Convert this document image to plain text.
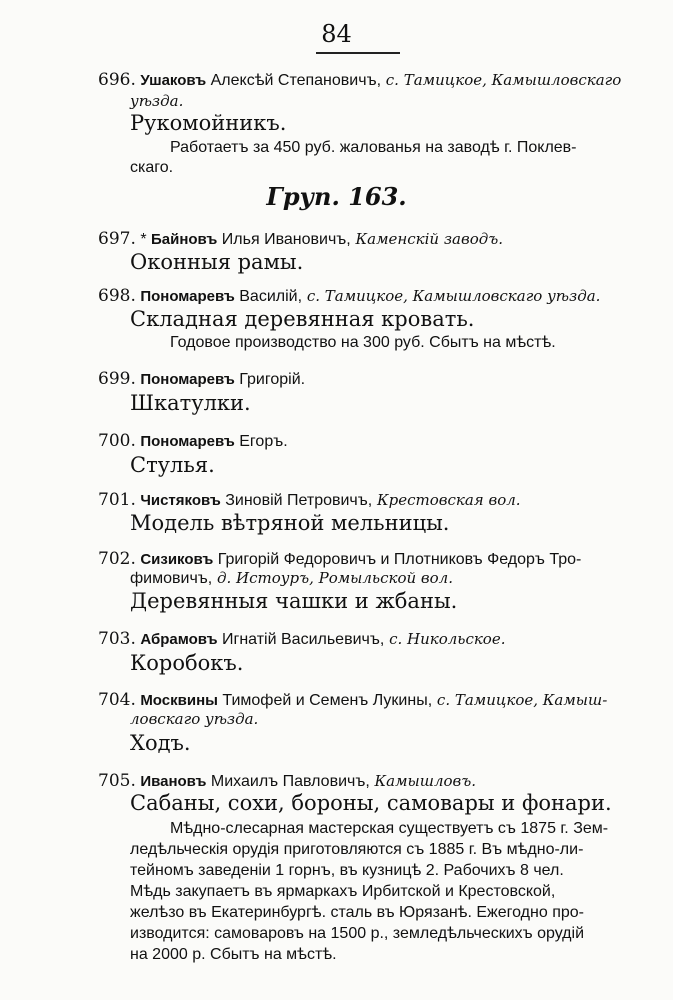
84
696. Ушаковъ Алексѣй Степановичъ, с. Тамицкое, Камышловскаго
уѣзда.
Рукомойникъ.
Работаетъ за 450 руб. жалованья на заводѣ г. Поклев-
скаго.
Груп. 163.
697. * Байновъ Илья Ивановичъ, Каменскій заводъ.
Оконныя рамы.
698. Пономаревъ Василій, с. Тамицкое, Камышловскаго уѣзда.
Складная деревянная кровать.
Годовое производство на 300 руб. Сбытъ на мѣстѣ.
699. Пономаревъ Григорій.
Шкатулки.
700. Пономаревъ Егоръ.
Стулья.
701. Чистяковъ Зиновій Петровичъ, Крестовская вол.
Модель вѣтряной мельницы.
702. Сизиковъ Григорій Федоровичъ и Плотниковъ Федоръ Тро-
фимовичъ, д. Истоуръ, Ромыльской вол.
Деревянныя чашки и жбаны.
703. Абрамовъ Игнатій Васильевичъ, с. Никольское.
Коробокъ.
704. Москвины Тимофей и Семенъ Лукины, с. Тамицкое, Камыш-
ловскаго уѣзда.
Ходъ.
705. Ивановъ Михаилъ Павловичъ, Камышловъ.
Сабаны, сохи, бороны, самовары и фонари.
Мѣдно-слесарная мастерская существуетъ съ 1875 г. Зем-
ледѣльческія орудія приготовляются съ 1885 г. Въ мѣдно-ли-
тейномъ заведеніи 1 горнъ, въ кузницѣ 2. Рабочихъ 8 чел.
Мѣдь закупаетъ въ ярмаркахъ Ирбитской и Крестовской,
желѣзо въ Екатеринбургѣ. сталь въ Юрязанѣ. Ежегодно про-
изводится: самоваровъ на 1500 р., земледѣльческихъ орудій
на 2000 р. Сбытъ на мѣстѣ.
